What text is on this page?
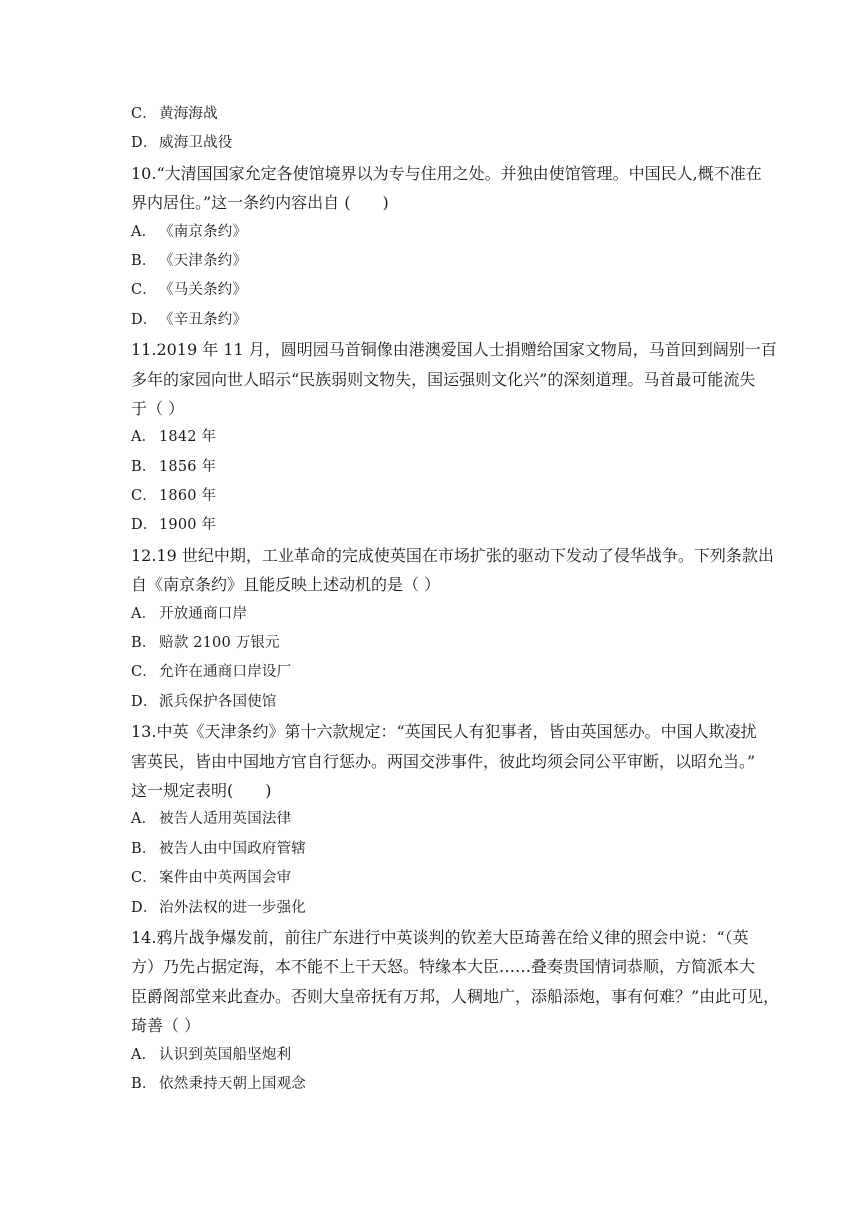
C． 黄海海战
D．威海卫战役
10.“大清国国家允定各使馆境界以为专与住用之处。并独由使馆管理。中国民人,概不准在
界内居住。”这一条约内容出自 (　　)
A． 《南京条约》
B． 《天津条约》
C． 《马关条约》
D．《辛丑条约》
11.2019 年 11 月，圆明园马首铜像由港澳爱国人士捐赠给国家文物局，马首回到阔别一百
多年的家园向世人昭示“民族弱则文物失，国运强则文化兴”的深刻道理。马首最可能流失
于（ ）
A． 1842 年
B． 1856 年
C． 1860 年
D．1900 年
12.19 世纪中期，工业革命的完成使英国在市场扩张的驱动下发动了侵华战争。下列条款出
自《南京条约》且能反映上述动机的是（ ）
A． 开放通商口岸
B． 赔款 2100 万银元
C． 允许在通商口岸设厂
D．派兵保护各国使馆
13.中英《天津条约》第十六款规定：“英国民人有犯事者，皆由英国惩办。中国人欺凌扰
害英民，皆由中国地方官自行惩办。两国交涉事件，彼此均须会同公平审断，以昭允当。”
这一规定表明(　　)
A． 被告人适用英国法律
B． 被告人由中国政府管辖
C． 案件由中英两国会审
D．治外法权的进一步强化
14.鸦片战争爆发前，前往广东进行中英谈判的钦差大臣琦善在给义律的照会中说：“（英
方）乃先占据定海，本不能不上干天怒。特缘本大臣……叠奏贵国情词恭顺，方简派本大
臣爵阁部堂来此查办。否则大皇帝抚有万邦，人稠地广，添船添炮，事有何难？”由此可见，
琦善（ ）
A． 认识到英国船坚炮利
B． 依然秉持天朝上国观念
